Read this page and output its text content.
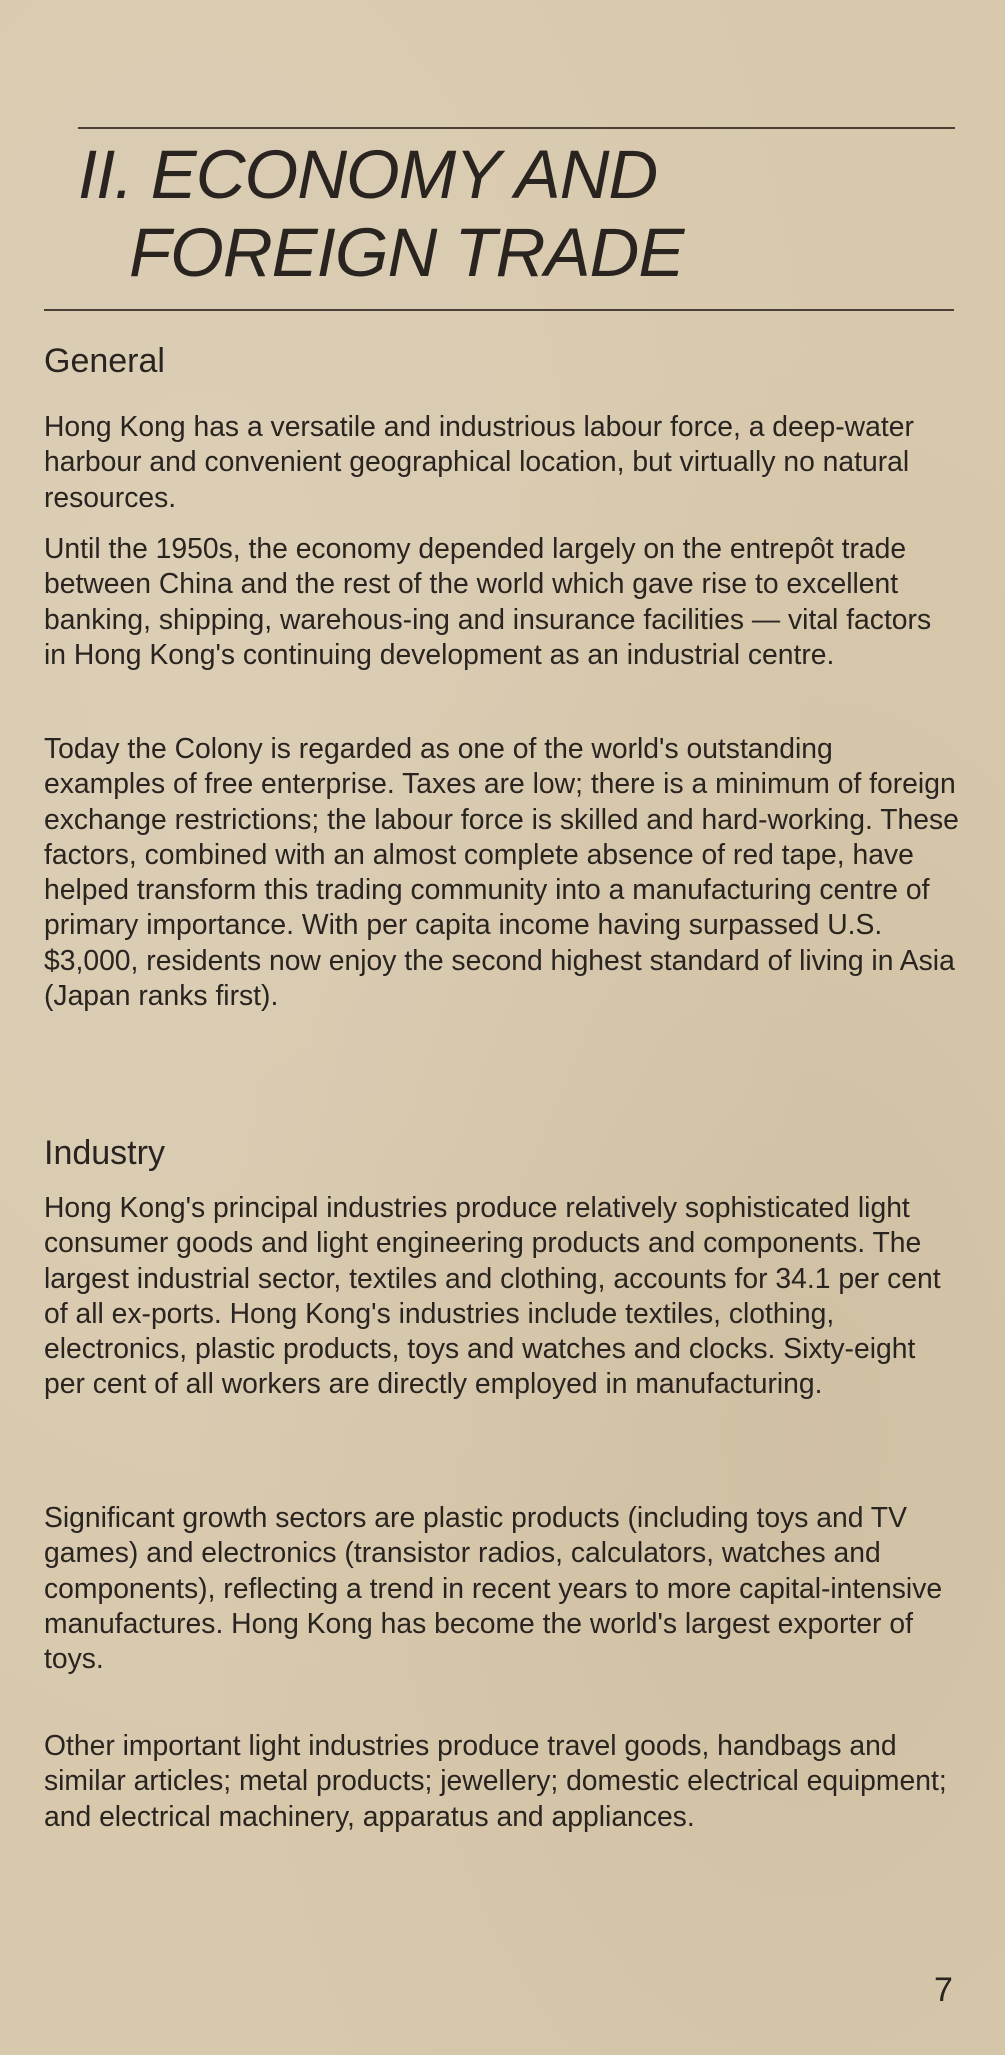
II. ECONOMY AND
FOREIGN TRADE
General

Hong Kong has a versatile and industrious labour force, a deep-water harbour and convenient geographical location, but virtually no natural resources.

Until the 1950s, the economy depended largely on the entrepôt trade between China and the rest of the world which gave rise to excellent banking, shipping, warehous-ing and insurance facilities — vital factors in Hong Kong's continuing development as an industrial centre.

Today the Colony is regarded as one of the world's outstanding examples of free enterprise. Taxes are low; there is a minimum of foreign exchange restrictions; the labour force is skilled and hard-working. These factors, combined with an almost complete absence of red tape, have helped transform this trading community into a manufacturing centre of primary importance. With per capita income having surpassed U.S. $3,000, residents now enjoy the second highest standard of living in Asia (Japan ranks first).

Industry

Hong Kong's principal industries produce relatively sophisticated light consumer goods and light engineering products and components. The largest industrial sector, textiles and clothing, accounts for 34.1 per cent of all ex-ports. Hong Kong's industries include textiles, clothing, electronics, plastic products, toys and watches and clocks. Sixty-eight per cent of all workers are directly employed in manufacturing.

Significant growth sectors are plastic products (including toys and TV games) and electronics (transistor radios, calculators, watches and components), reflecting a trend in recent years to more capital-intensive manufactures. Hong Kong has become the world's largest exporter of toys.

Other important light industries produce travel goods, handbags and similar articles; metal products; jewellery; domestic electrical equipment; and electrical machinery, apparatus and appliances.

7
